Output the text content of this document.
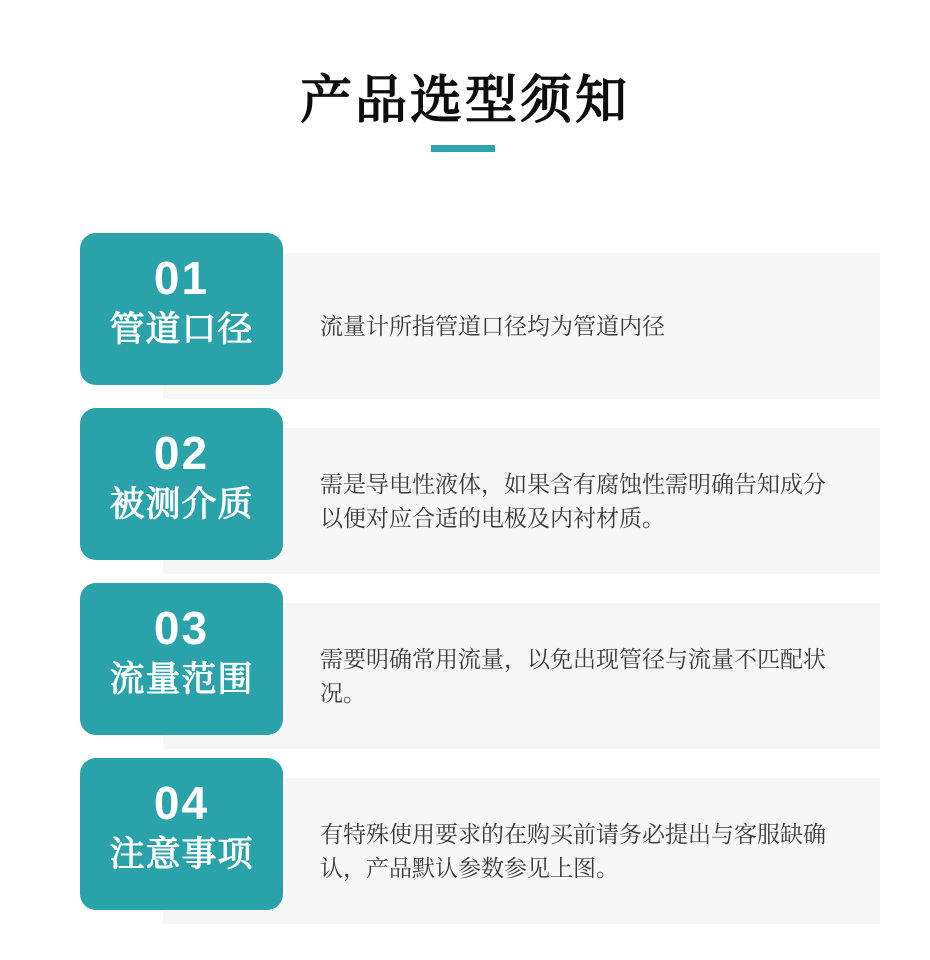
产品选型须知
01
管道口径	流量计所指管道口径均为管道内径

02
被测介质

需是导电性液体，如果含有腐蚀性需明确告知成分以便对应合适的电极及内衬材质。

03
流量范围

需要明确常用流量，以免出现管径与流量不匹配状况。

04
注意事项

有特殊使用要求的在购买前请务必提出与客服缺确认，产品默认参数参见上图。
